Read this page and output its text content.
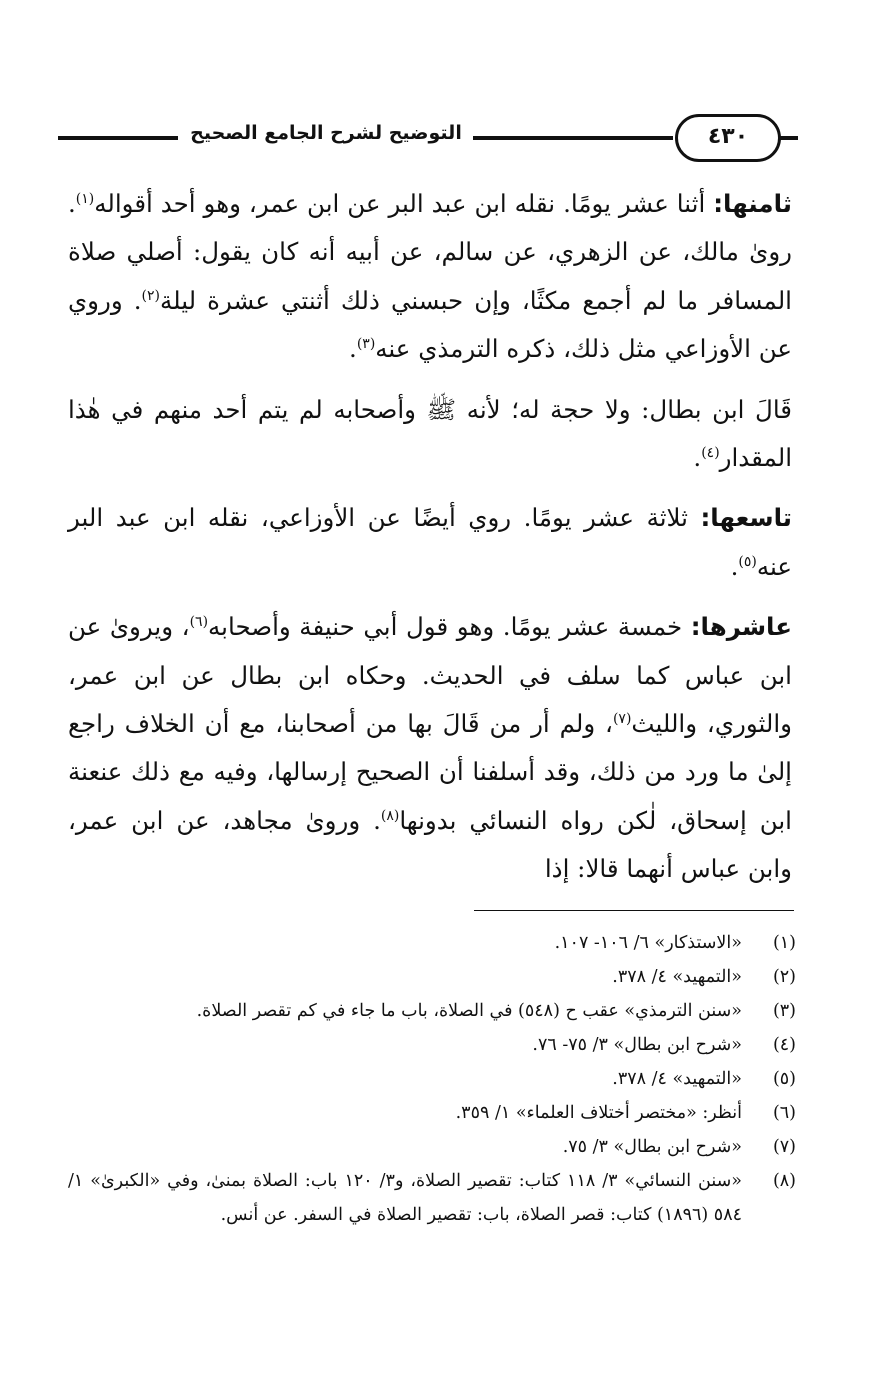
التوضيح لشرح الجامع الصحيح	٤٣٠

ثامنها: أثنا عشر يومًا. نقله ابن عبد البر عن ابن عمر، وهو أحد أقواله$^{(١)}$. رویٰ مالك، عن الزهري، عن سالم، عن أبيه أنه كان يقول: أصلي صلاة المسافر ما لم أجمع مكثًا، وإن حبسني ذلك أثنتي عشرة ليلة$^{(٢)}$. وروي عن الأوزاعي مثل ذلك، ذكره الترمذي عنه$^{(٣)}$.

قَالَ ابن بطال: ولا حجة له؛ لأنه ﷺ وأصحابه لم يتم أحد منهم في هٰذا المقدار$^{(٤)}$.

تاسعها: ثلاثة عشر يومًا. روي أيضًا عن الأوزاعي، نقله ابن عبد البر عنه$^{(٥)}$.

عاشرها: خمسة عشر يومًا. وهو قول أبي حنيفة وأصحابه$^{(٦)}$، ويرویٰ عن ابن عباس كما سلف في الحديث. وحكاه ابن بطال عن ابن عمر، والثوري، والليث$^{(٧)}$، ولم أر من قَالَ بها من أصحابنا، مع أن الخلاف راجع إلىٰ ما ورد من ذلك، وقد أسلفنا أن الصحيح إرسالها، وفيه مع ذلك عنعنة ابن إسحاق، لٰكن رواه النسائي بدونها$^{(٨)}$. ورویٰ مجاهد، عن ابن عمر، وابن عباس أنهما قالا: إذا

(١)
«الاستذكار» ٦/ ١٠٦- ١٠٧.
(٢)
«التمهيد» ٤/ ٣٧٨.
(٣)
«سنن الترمذي» عقب ح (٥٤٨) في الصلاة، باب ما جاء في كم تقصر الصلاة.
(٤)
«شرح ابن بطال» ٣/ ٧٥- ٧٦.
(٥)
«التمهيد» ٤/ ٣٧٨.
(٦)
أنظر: «مختصر أختلاف العلماء» ١/ ٣٥٩.
(٧)
«شرح ابن بطال» ٣/ ٧٥.
(٨)
«سنن النسائي» ٣/ ١١٨ كتاب: تقصير الصلاة، و٣/ ١٢٠ باب: الصلاة بمنىٰ، وفي «الكبرىٰ» ١/ ٥٨٤ (١٨٩٦) كتاب: قصر الصلاة، باب: تقصير الصلاة في السفر. عن أنس.
